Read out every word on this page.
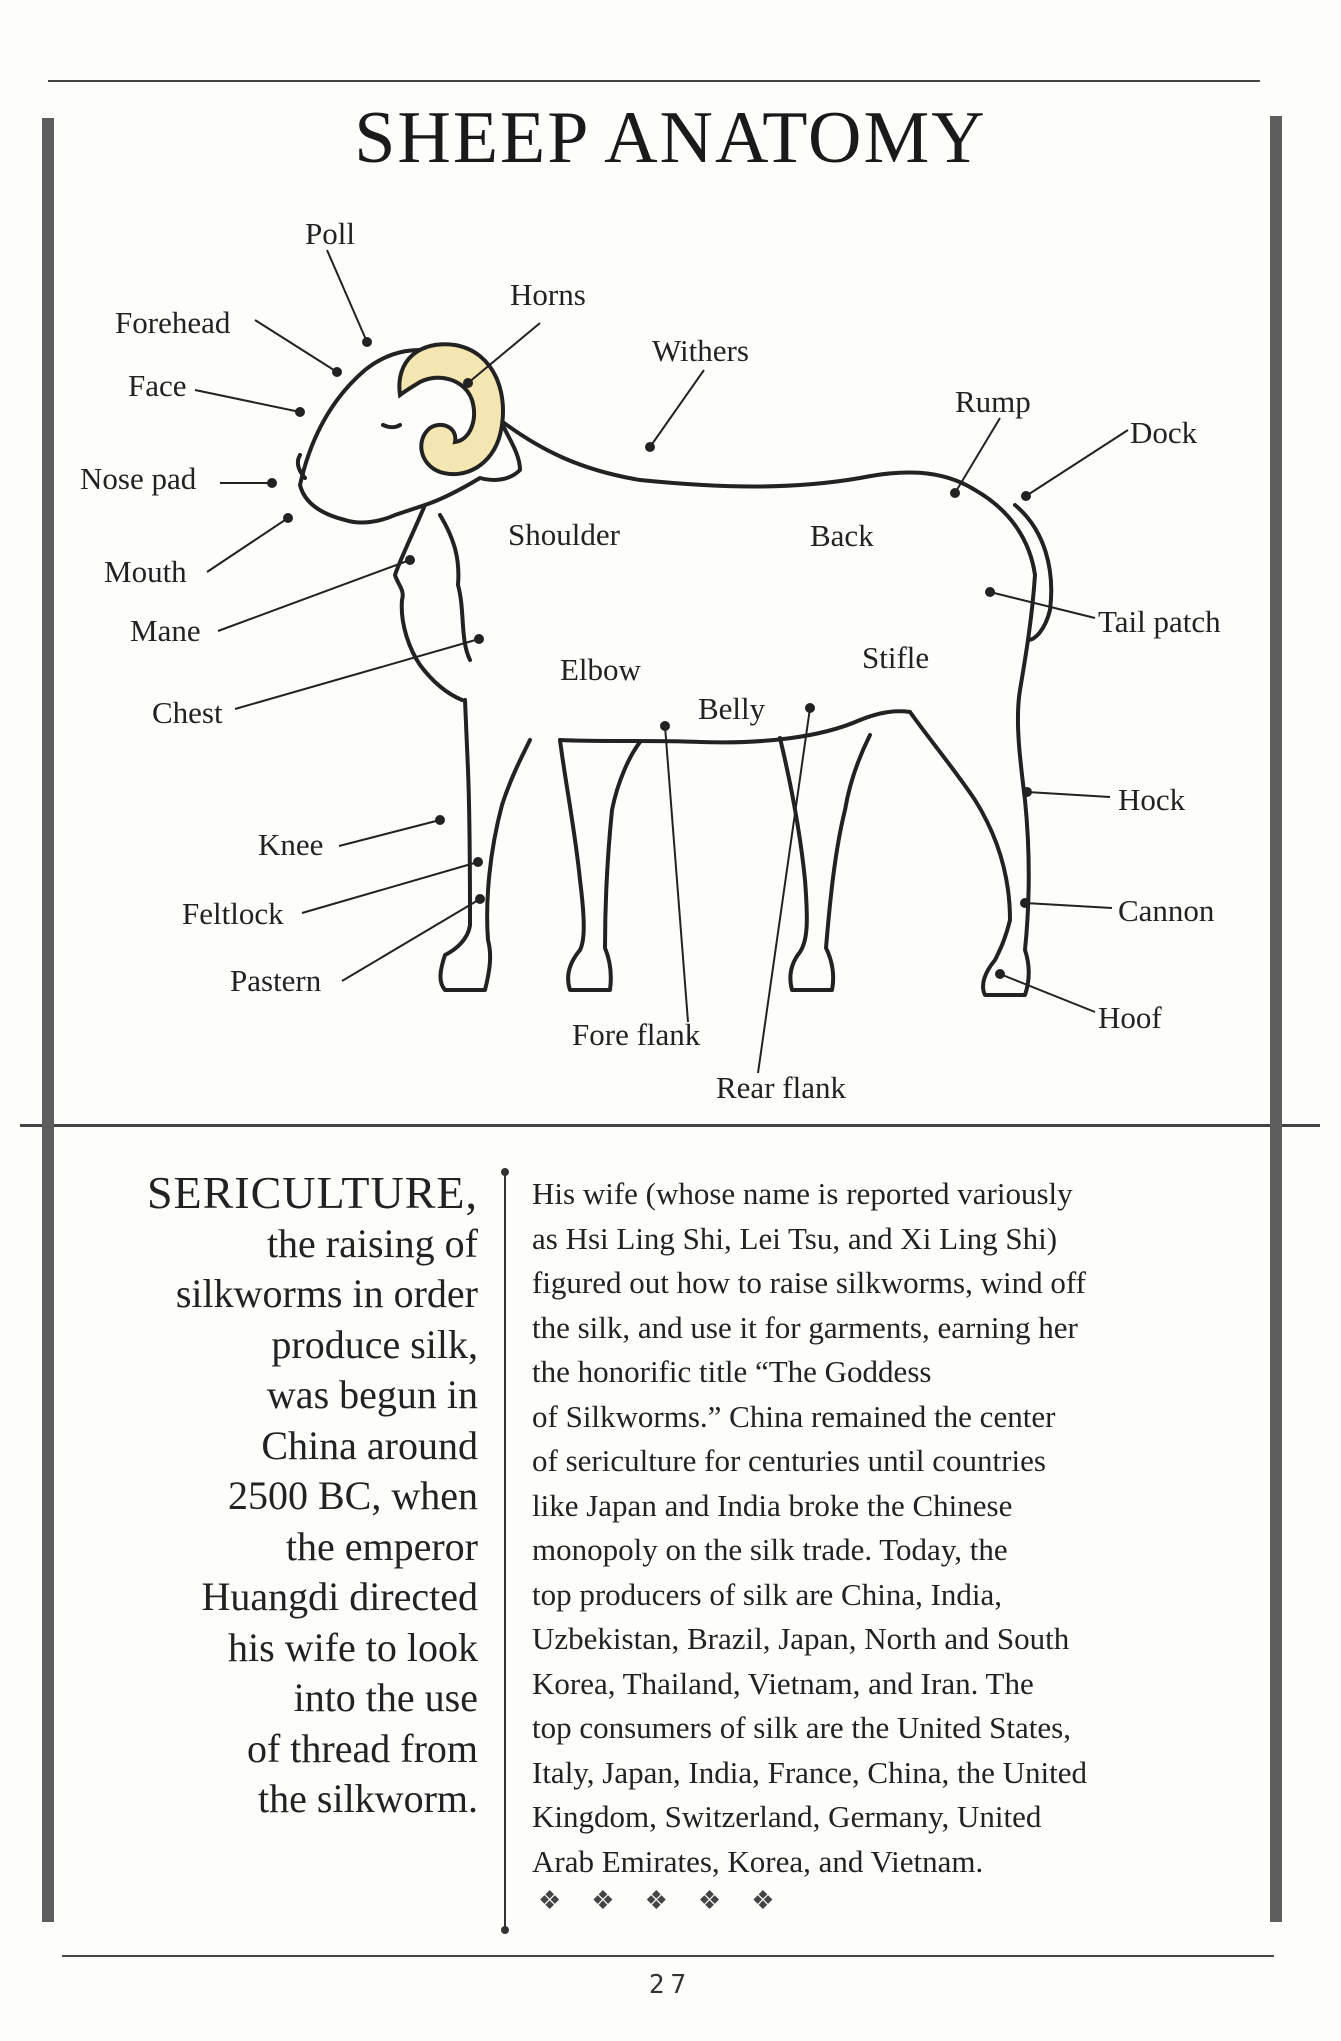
SHEEP ANATOMY
Poll
Horns
Forehead
Withers
Face	Rump
Dock
Nose pad
Shoulder	Back
Mouth
Mane	Tail patch
Elbow	Stifle
Belly
Chest
Hock
Knee
Feltlock	Cannon
Pastern
Hoof
Fore flank
Rear flank
SERICULTURE,
the raising of
silkworms in order
produce silk,
was begun in
China around
2500 BC, when
the emperor
Huangdi directed
his wife to look
into the use
of thread from
the silkworm.
His wife (whose name is reported variously
as Hsi Ling Shi, Lei Tsu, and Xi Ling Shi)
figured out how to raise silkworms, wind off
the silk, and use it for garments, earning her
the honorific title “The Goddess
of Silkworms.” China remained the center
of sericulture for centuries until countries
like Japan and India broke the Chinese
monopoly on the silk trade. Today, the
top producers of silk are China, India,
Uzbekistan, Brazil, Japan, North and South
Korea, Thailand, Vietnam, and Iran. The
top consumers of silk are the United States,
Italy, Japan, India, France, China, the United
Kingdom, Switzerland, Germany, United
Arab Emirates, Korea, and Vietnam.
❖❖❖❖❖
27
